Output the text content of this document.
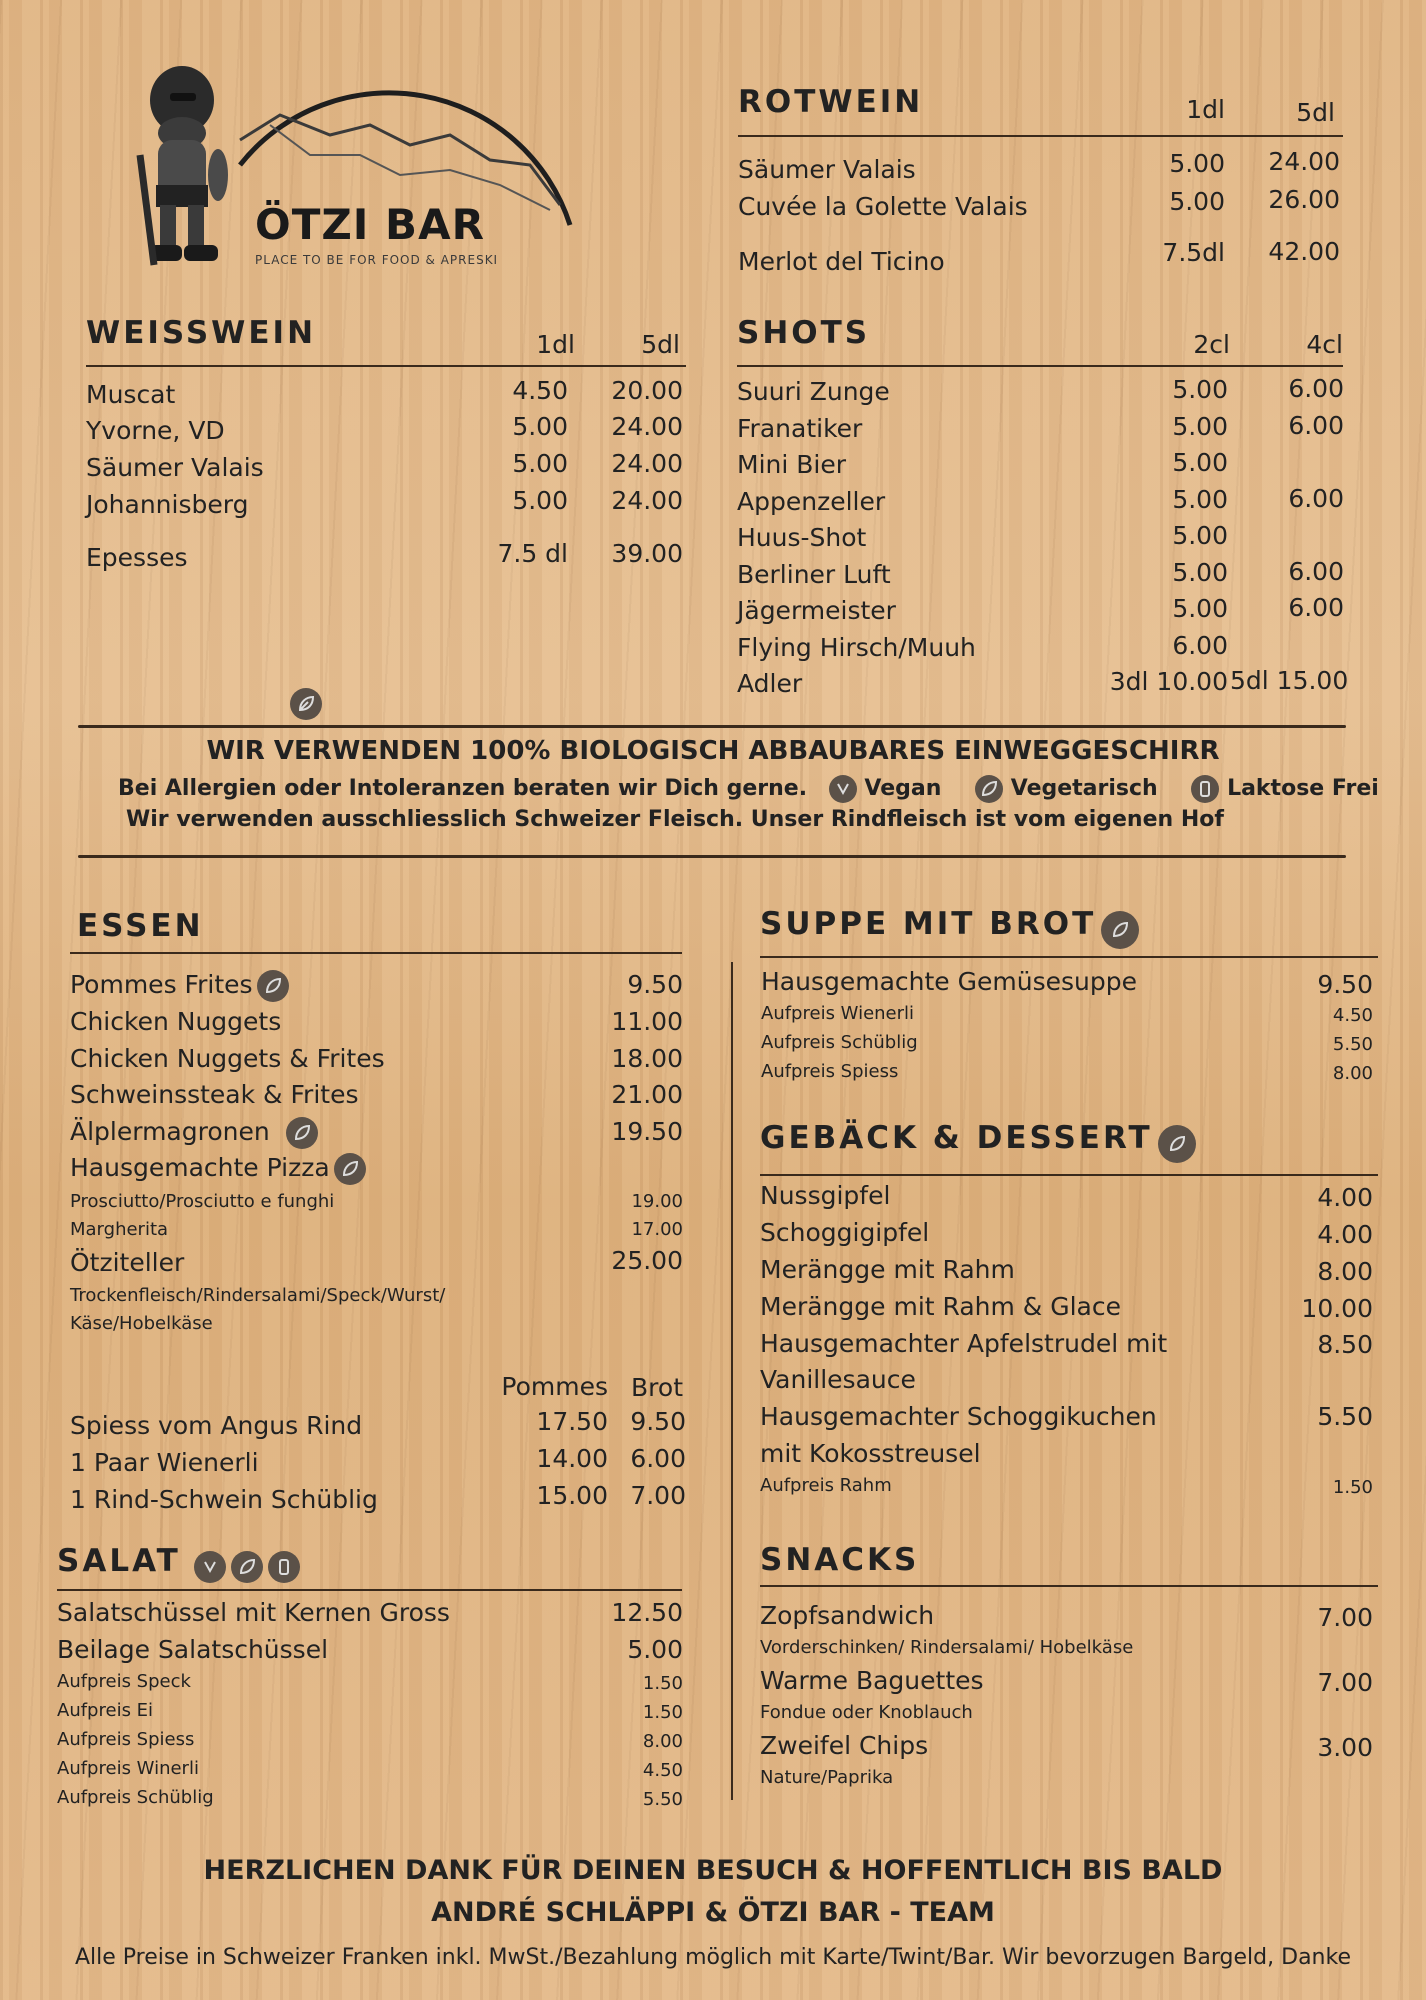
ÖTZI BAR
PLACE TO BE FOR FOOD & APRESKI
ROTWEIN	1dl	5dl
Säumer Valais	5.00	24.00
Cuvée la Golette Valais	5.00	26.00
Merlot del Ticino	7.5dl	42.00
WEISSWEIN	1dl	5dl
Muscat	4.50	20.00
Yvorne, VD	5.00	24.00
Säumer Valais	5.00	24.00
Johannisberg	5.00	24.00
Epesses	7.5 dl	39.00
SHOTS	2cl	4cl
Suuri Zunge	5.00	6.00
Franatiker	5.00	6.00
Mini Bier	5.00
Appenzeller	5.00	6.00
Huus-Shot	5.00
Berliner Luft	5.00	6.00
Jägermeister	5.00	6.00
Flying Hirsch/Muuh	6.00
Adler	3dl 10.00 5dl 15.00
WIR VERWENDEN 100% BIOLOGISCH ABBAUBARES EINWEGGESCHIRR
Bei Allergien oder Intoleranzen beraten wir Dich gerne.	Vegan	Vegetarisch	Laktose Frei
Wir verwenden ausschliesslich Schweizer Fleisch. Unser Rindfleisch ist vom eigenen Hof
ESSEN
Pommes Frites	9.50
Chicken Nuggets	11.00
Chicken Nuggets & Frites	18.00
Schweinssteak & Frites	21.00
Älplermagronen	19.50
Hausgemachte Pizza
Prosciutto/Prosciutto e funghi	19.00
Margherita	17.00
Ötziteller	25.00
Trockenfleisch/Rindersalami/Speck/Wurst/
Käse/Hobelkäse
Pommes Brot
Spiess vom Angus Rind	17.50 9.50
1 Paar Wienerli	14.00 6.00
1 Rind-Schwein Schüblig	15.00 7.00
SALAT

Salatschüssel mit Kernen Gross	12.50
Beilage Salatschüssel	5.00
Aufpreis Speck	1.50
Aufpreis Ei	1.50
Aufpreis Spiess	8.00
Aufpreis Winerli	4.50
Aufpreis Schüblig	5.50
SUPPE MIT BROT
Hausgemachte Gemüsesuppe	9.50
Aufpreis Wienerli	4.50
Aufpreis Schüblig	5.50
Aufpreis Spiess	8.00
GEBÄCK & DESSERT
Nussgipfel	4.00
Schoggigipfel	4.00
Merängge mit Rahm	8.00
Merängge mit Rahm & Glace	10.00
Hausgemachter Apfelstrudel mit
Vanillesauce
8.50
Hausgemachter Schoggikuchen
mit Kokosstreusel
5.50
Aufpreis Rahm	1.50
SNACKS
Zopfsandwich	7.00
Vorderschinken/ Rindersalami/ Hobelkäse
Warme Baguettes	7.00
Fondue oder Knoblauch
Zweifel Chips	3.00
Nature/Paprika
HERZLICHEN DANK FÜR DEINEN BESUCH & HOFFENTLICH BIS BALD
ANDRÉ SCHLÄPPI & ÖTZI BAR - TEAM
Alle Preise in Schweizer Franken inkl. MwSt./Bezahlung möglich mit Karte/Twint/Bar. Wir bevorzugen Bargeld, Danke
